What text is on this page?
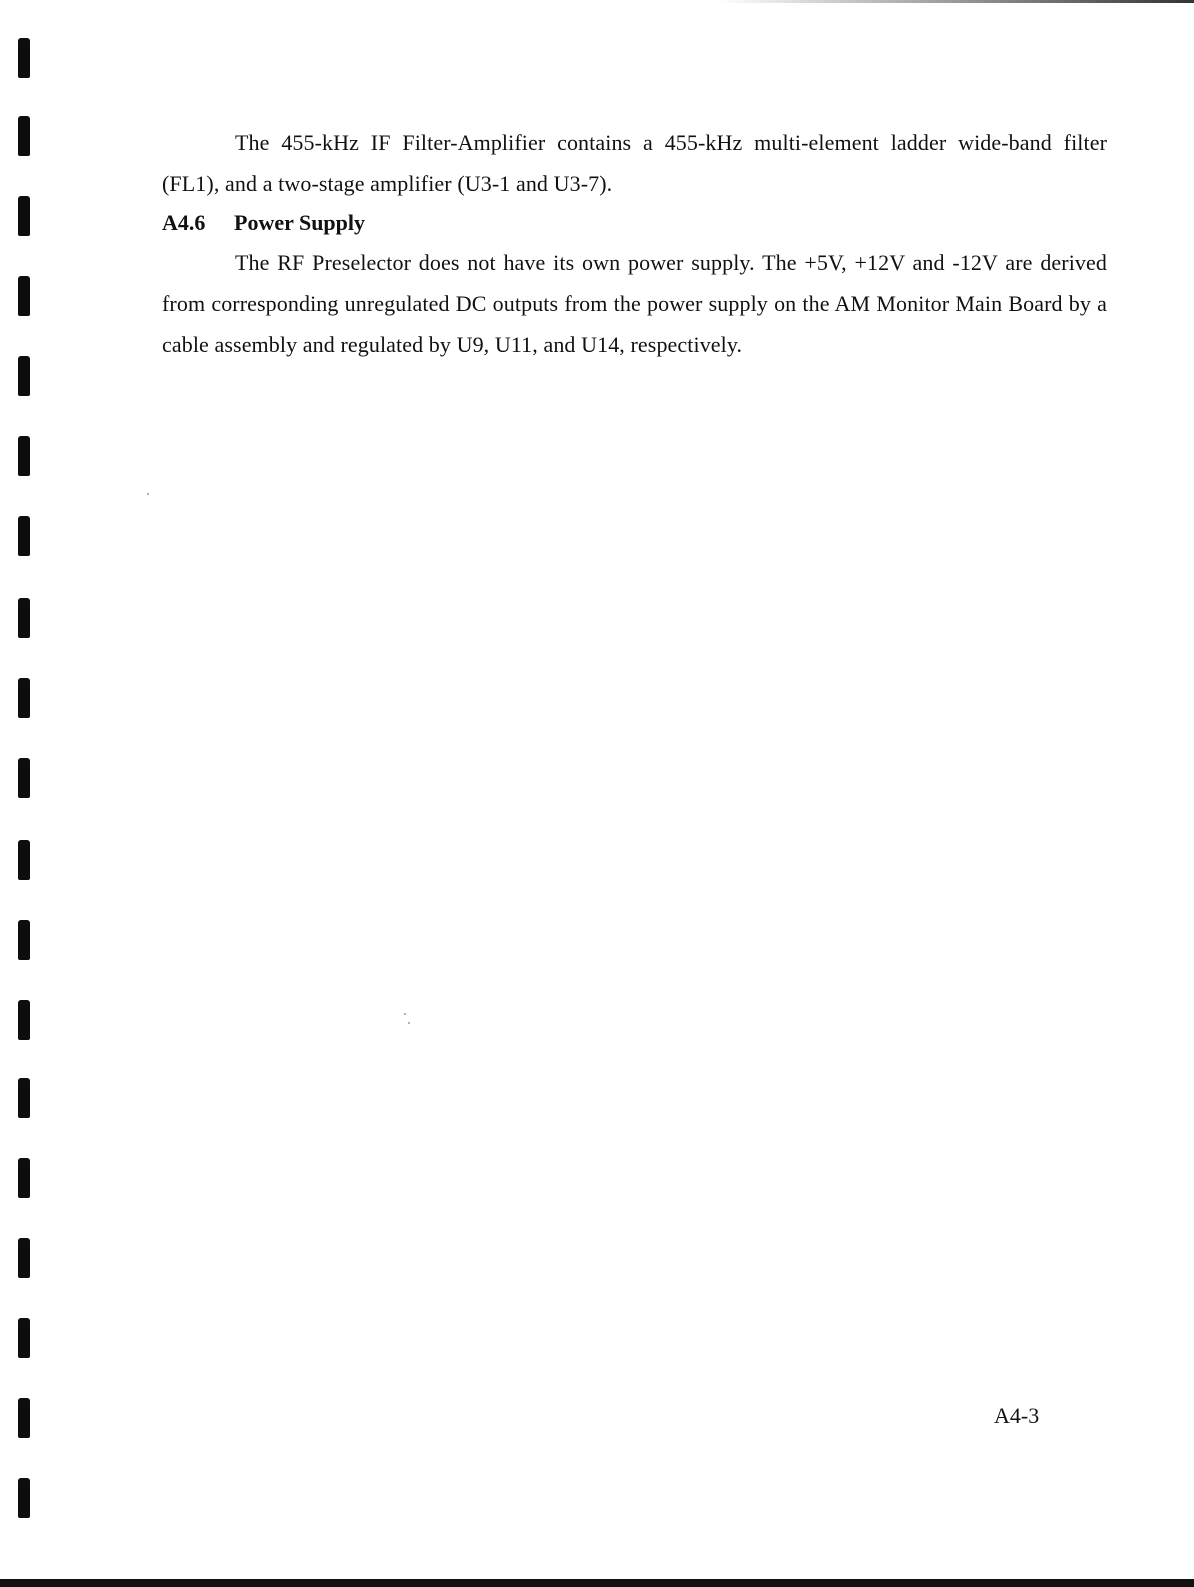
The 455-kHz IF Filter-Amplifier contains a 455-kHz multi-element ladder wide-band filter (FL1), and a two-stage amplifier (U3-1 and U3-7).

A4.6 Power Supply

The RF Preselector does not have its own power supply. The +5V, +12V and -12V are derived from corresponding unregulated DC outputs from the power supply on the AM Monitor Main Board by a cable assembly and regulated by U9, U11, and U14, respectively.

A4-3
